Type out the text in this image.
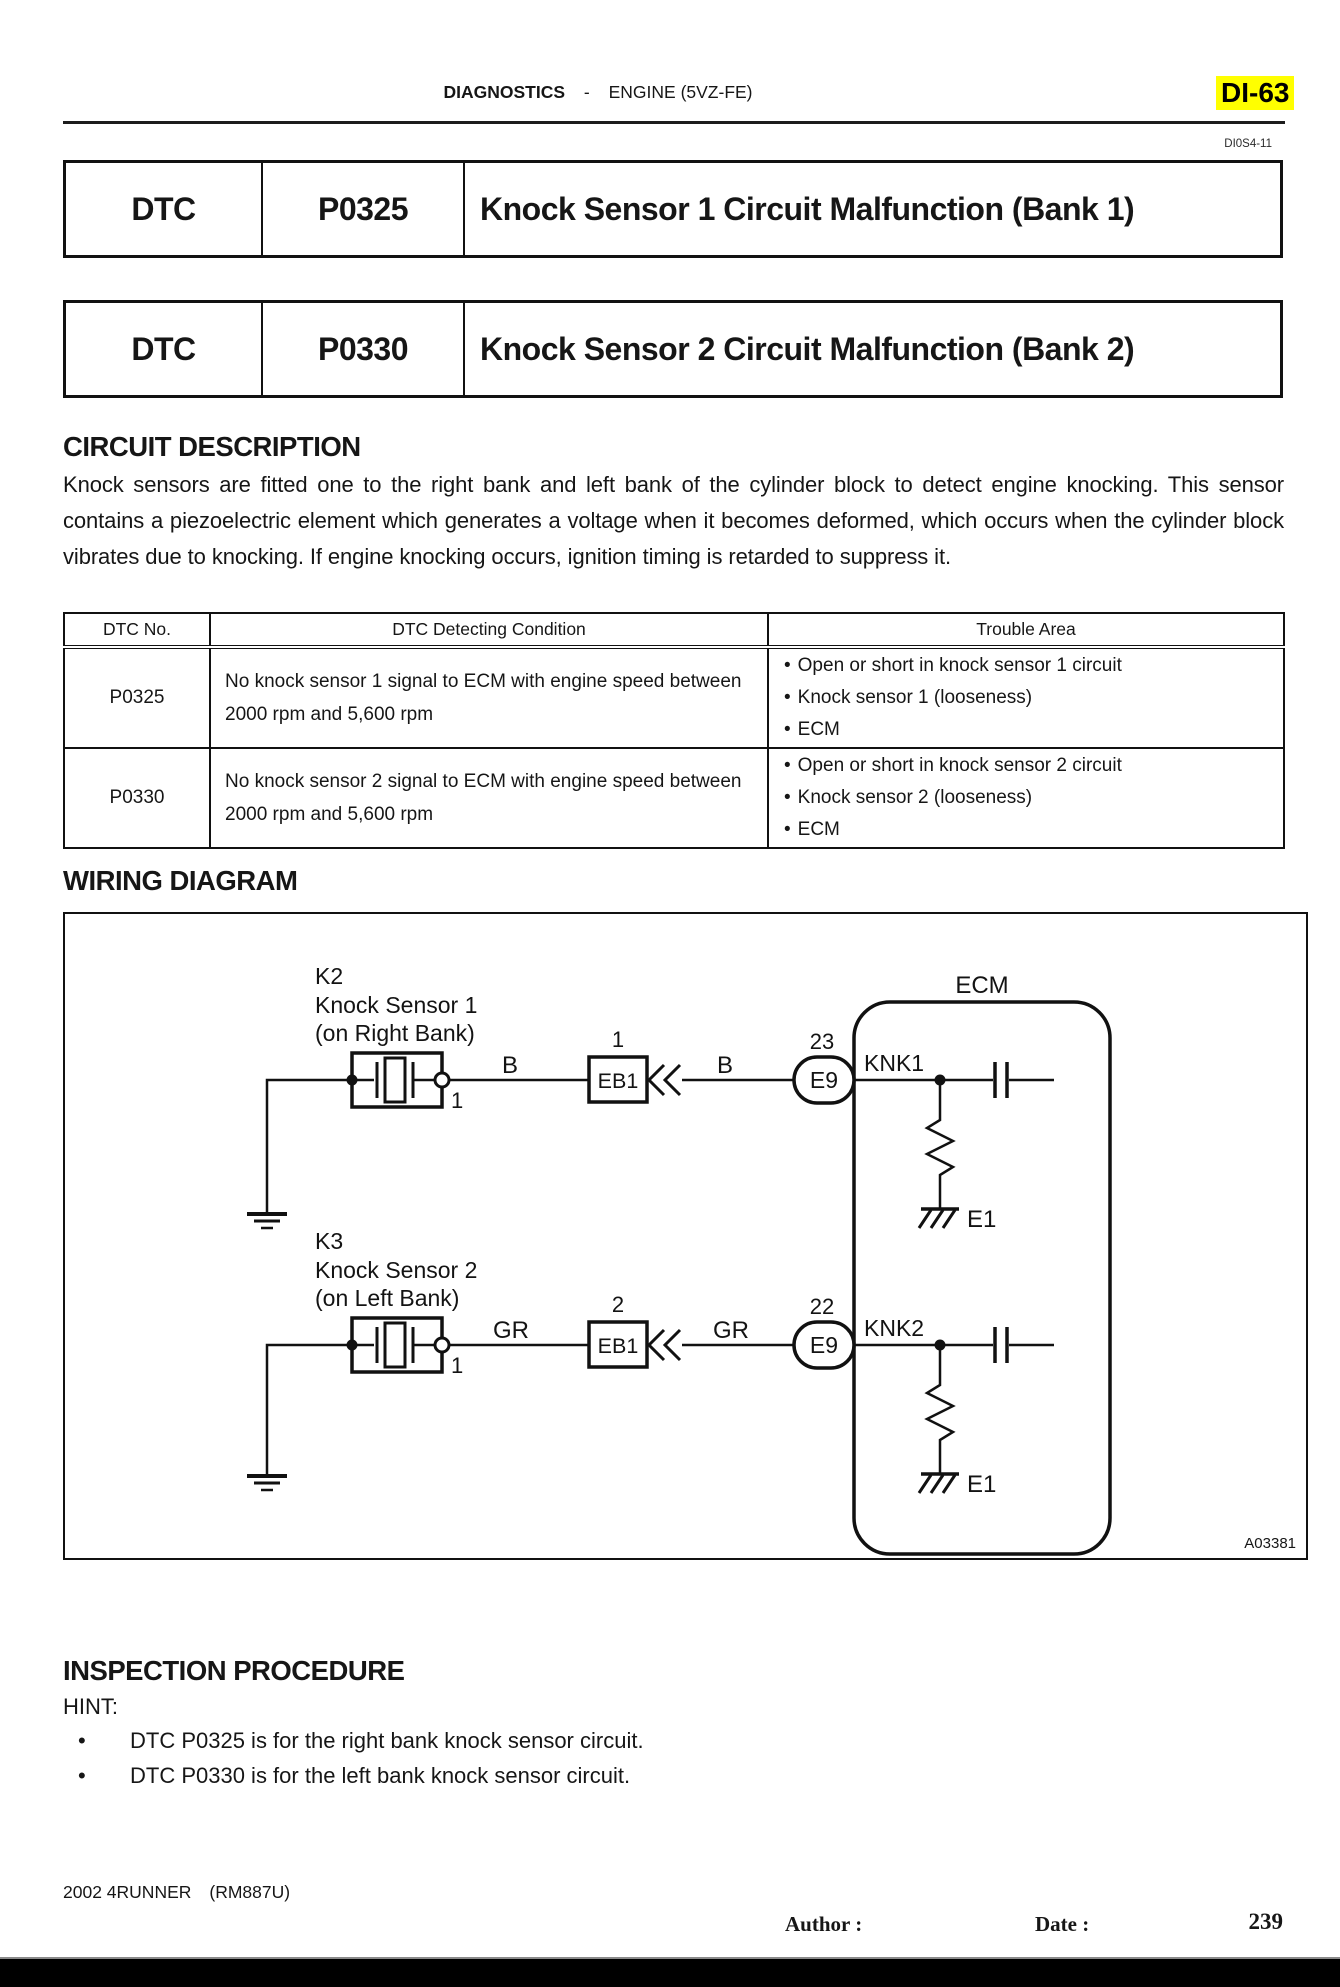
DI-63
DIAGNOSTICS - ENGINE (5VZ-FE)
DI0S4-11
DTC	P0325 Knock Sensor 1 Circuit Malfunction (Bank 1)
DTC	P0330 Knock Sensor 2 Circuit Malfunction (Bank 2)
CIRCUIT DESCRIPTION
Knock sensors are fitted one to the right bank and left bank of the cylinder block to detect engine knocking. This sensor contains a piezoelectric element which generates a voltage when it becomes deformed, which occurs when the cylinder block vibrates due to knocking. If engine knocking occurs, ignition timing is retarded to suppress it.
DTC No.	DTC Detecting Condition	Trouble Area
P0325	No knock sensor 1 signal to ECM with engine speed between 2000 rpm and 5,600 rpm	• Open or short in knock sensor 1 circuit
• Knock sensor 1 (looseness)
• ECM

P0330	No knock sensor 2 signal to ECM with engine speed between 2000 rpm and 5,600 rpm	• Open or short in knock sensor 2 circuit
• Knock sensor 2 (looseness)
• ECM
WIRING DIAGRAM
ECM
K2
Knock Sensor 1
(on Right Bank)
1
B
1
EB1
B
23
E9
KNK1
E1
K3
Knock Sensor 2
(on Left Bank)
1
GR
2
EB1
GR
22
E9
KNK2
E1
A03381
INSPECTION PROCEDURE
HINT:
• DTC P0325 is for the right bank knock sensor circuit.
• DTC P0330 is for the left bank knock sensor circuit.
2002 4RUNNER (RM887U)
Author :	Date :	239
